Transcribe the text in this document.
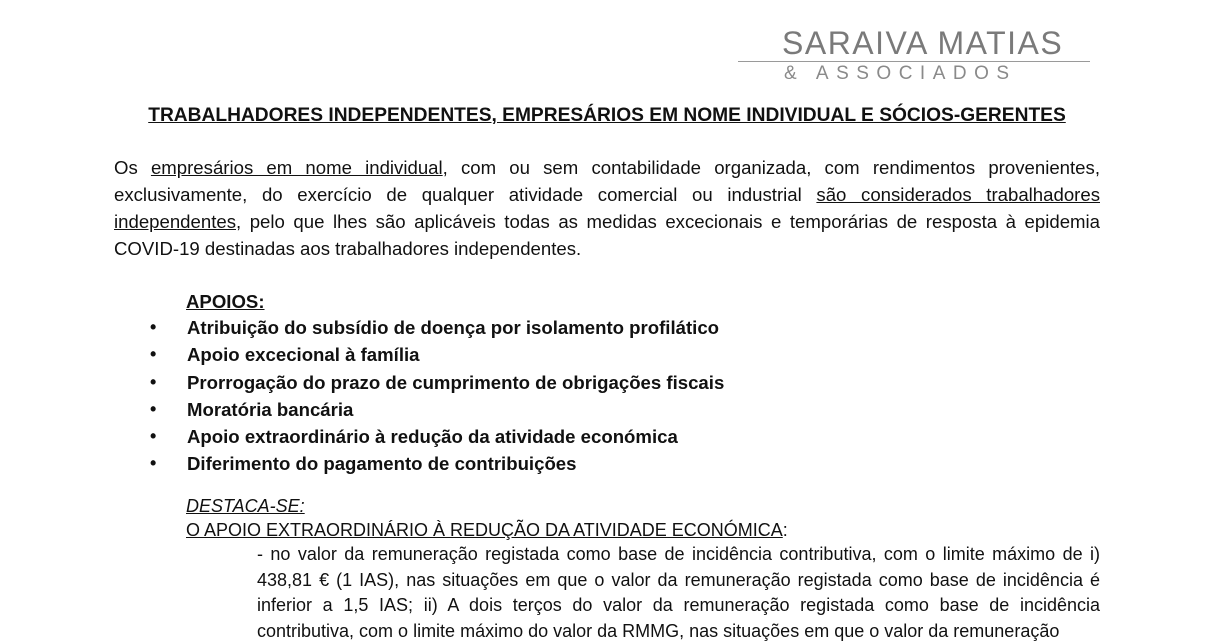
SARAIVA MATIAS
& ASSOCIADOS
TRABALHADORES INDEPENDENTES, EMPRESÁRIOS EM NOME INDIVIDUAL E SÓCIOS-GERENTES

Os empresários em nome individual, com ou sem contabilidade organizada, com rendimentos provenientes, exclusivamente, do exercício de qualquer atividade comercial ou industrial são considerados trabalhadores independentes, pelo que lhes são aplicáveis todas as medidas excecionais e temporárias de resposta à epidemia COVID-19 destinadas aos trabalhadores independentes.

APOIOS:
• Atribuição do subsídio de doença por isolamento profilático
• Apoio excecional à família
• Prorrogação do prazo de cumprimento de obrigações fiscais
• Moratória bancária
• Apoio extraordinário à redução da atividade económica
• Diferimento do pagamento de contribuições
DESTACA-SE:
O APOIO EXTRAORDINÁRIO À REDUÇÃO DA ATIVIDADE ECONÓMICA:

- no valor da remuneração registada como base de incidência contributiva, com o limite máximo de i) 438,81 € (1 IAS), nas situações em que o valor da remuneração registada como base de incidência é inferior a 1,5 IAS; ii) A dois terços do valor da remuneração registada como base de incidência contributiva, com o limite máximo do valor da RMMG, nas situações em que o valor da remuneração
